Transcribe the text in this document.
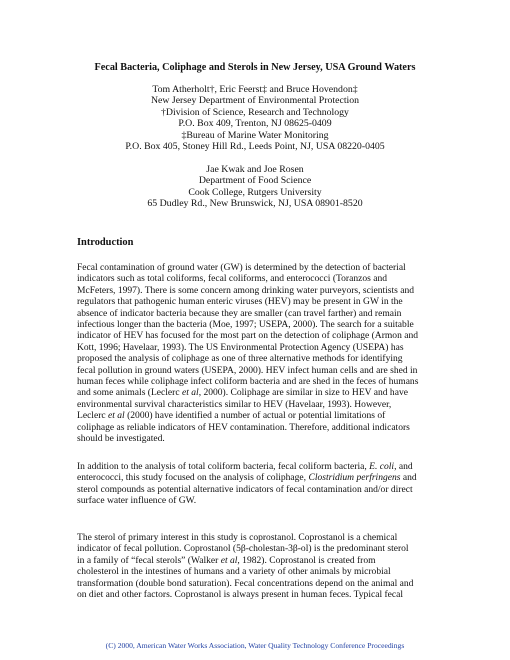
Fecal Bacteria, Coliphage and Sterols in New Jersey, USA Ground Waters
Tom Atherholt†, Eric Feerst‡ and Bruce Hovendon‡
New Jersey Department of Environmental Protection
†Division of Science, Research and Technology
P.O. Box 409, Trenton, NJ 08625-0409
‡Bureau of Marine Water Monitoring
P.O. Box 405, Stoney Hill Rd., Leeds Point, NJ, USA 08220-0405
Jae Kwak and Joe Rosen
Department of Food Science
Cook College, Rutgers University
65 Dudley Rd., New Brunswick, NJ, USA 08901-8520
Introduction
Fecal contamination of ground water (GW) is determined by the detection of bacterial
indicators such as total coliforms, fecal coliforms, and enterococci (Toranzos and
McFeters, 1997). There is some concern among drinking water purveyors, scientists and
regulators that pathogenic human enteric viruses (HEV) may be present in GW in the
absence of indicator bacteria because they are smaller (can travel farther) and remain
infectious longer than the bacteria (Moe, 1997; USEPA, 2000). The search for a suitable
indicator of HEV has focused for the most part on the detection of coliphage (Armon and
Kott, 1996; Havelaar, 1993). The US Environmental Protection Agency (USEPA) has
proposed the analysis of coliphage as one of three alternative methods for identifying
fecal pollution in ground waters (USEPA, 2000). HEV infect human cells and are shed in
human feces while coliphage infect coliform bacteria and are shed in the feces of humans
and some animals (Leclerc et al, 2000). Coliphage are similar in size to HEV and have
environmental survival characteristics similar to HEV (Havelaar, 1993). However,
Leclerc et al (2000) have identified a number of actual or potential limitations of
coliphage as reliable indicators of HEV contamination. Therefore, additional indicators
should be investigated.
In addition to the analysis of total coliform bacteria, fecal coliform bacteria, E. coli, and
enterococci, this study focused on the analysis of coliphage, Clostridium perfringens and
sterol compounds as potential alternative indicators of fecal contamination and/or direct
surface water influence of GW.
The sterol of primary interest in this study is coprostanol. Coprostanol is a chemical
indicator of fecal pollution. Coprostanol (5β-cholestan-3β-ol) is the predominant sterol
in a family of “fecal sterols” (Walker et al, 1982). Coprostanol is created from
cholesterol in the intestines of humans and a variety of other animals by microbial
transformation (double bond saturation). Fecal concentrations depend on the animal and
on diet and other factors. Coprostanol is always present in human feces. Typical fecal
(C) 2000, American Water Works Association, Water Quality Technology Conference Proceedings
